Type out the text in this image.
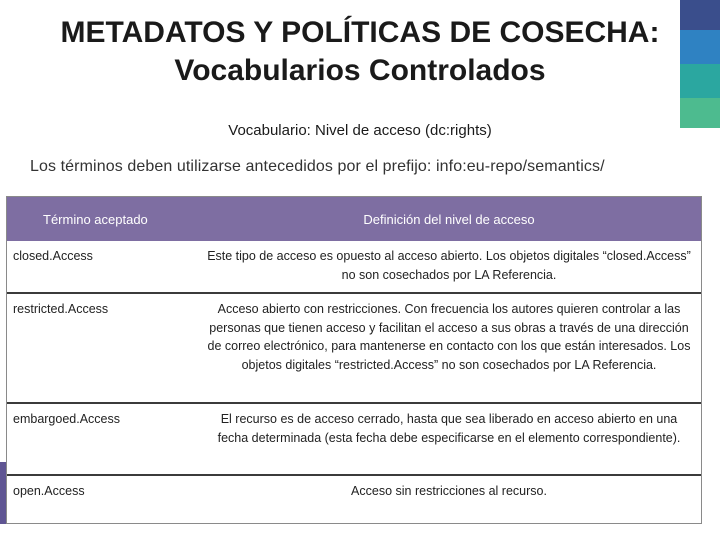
METADATOS Y POLÍTICAS DE COSECHA:
Vocabularios Controlados
Vocabulario: Nivel de acceso (dc:rights)
Los términos deben utilizarse antecedidos por el prefijo: info:eu-repo/semantics/
Término aceptado	Definición del nivel de acceso
closed.Access	Este tipo de acceso es opuesto al acceso abierto. Los objetos digitales “closed.Access” no son cosechados por LA Referencia.
restricted.Access	Acceso abierto con restricciones. Con frecuencia los autores quieren controlar a las personas que tienen acceso y facilitan el acceso a sus obras a través de una dirección de correo electrónico, para mantenerse en contacto con los que están interesados. Los objetos digitales “restricted.Access” no son cosechados por LA Referencia.
embargoed.Access	El recurso es de acceso cerrado, hasta que sea liberado en acceso abierto en una fecha determinada (esta fecha debe especificarse en el elemento correspondiente).
open.Access	Acceso sin restricciones al recurso.
